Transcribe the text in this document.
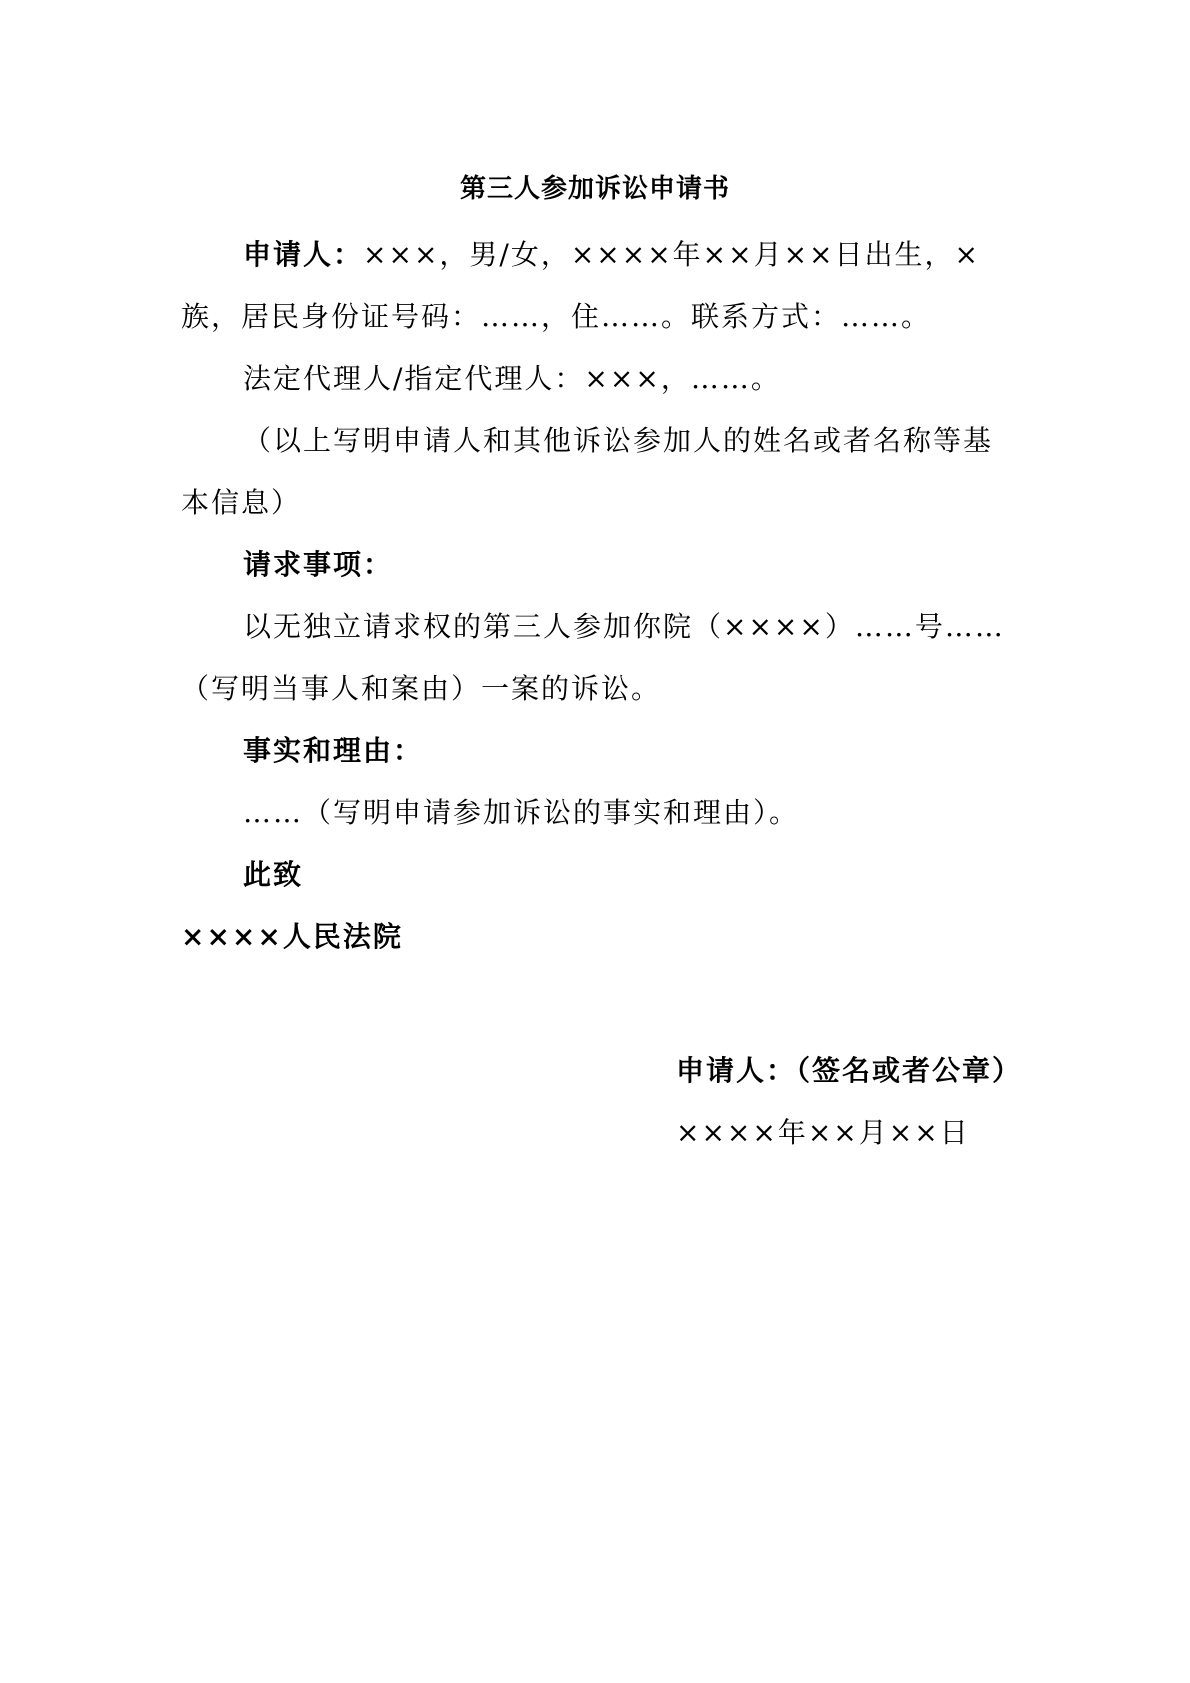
第三人参加诉讼申请书

申请人：×××，男/女，××××年××月××日出生，×族，居民身份证号码：……，住……。联系方式：……。

法定代理人/指定代理人：×××，……。

（以上写明申请人和其他诉讼参加人的姓名或者名称等基本信息）

请求事项：

以无独立请求权的第三人参加你院（××××）……号……（写明当事人和案由）一案的诉讼。

事实和理由：

……（写明申请参加诉讼的事实和理由）。

此致

××××人民法院

申请人：（签名或者公章）
××××年××月××日
